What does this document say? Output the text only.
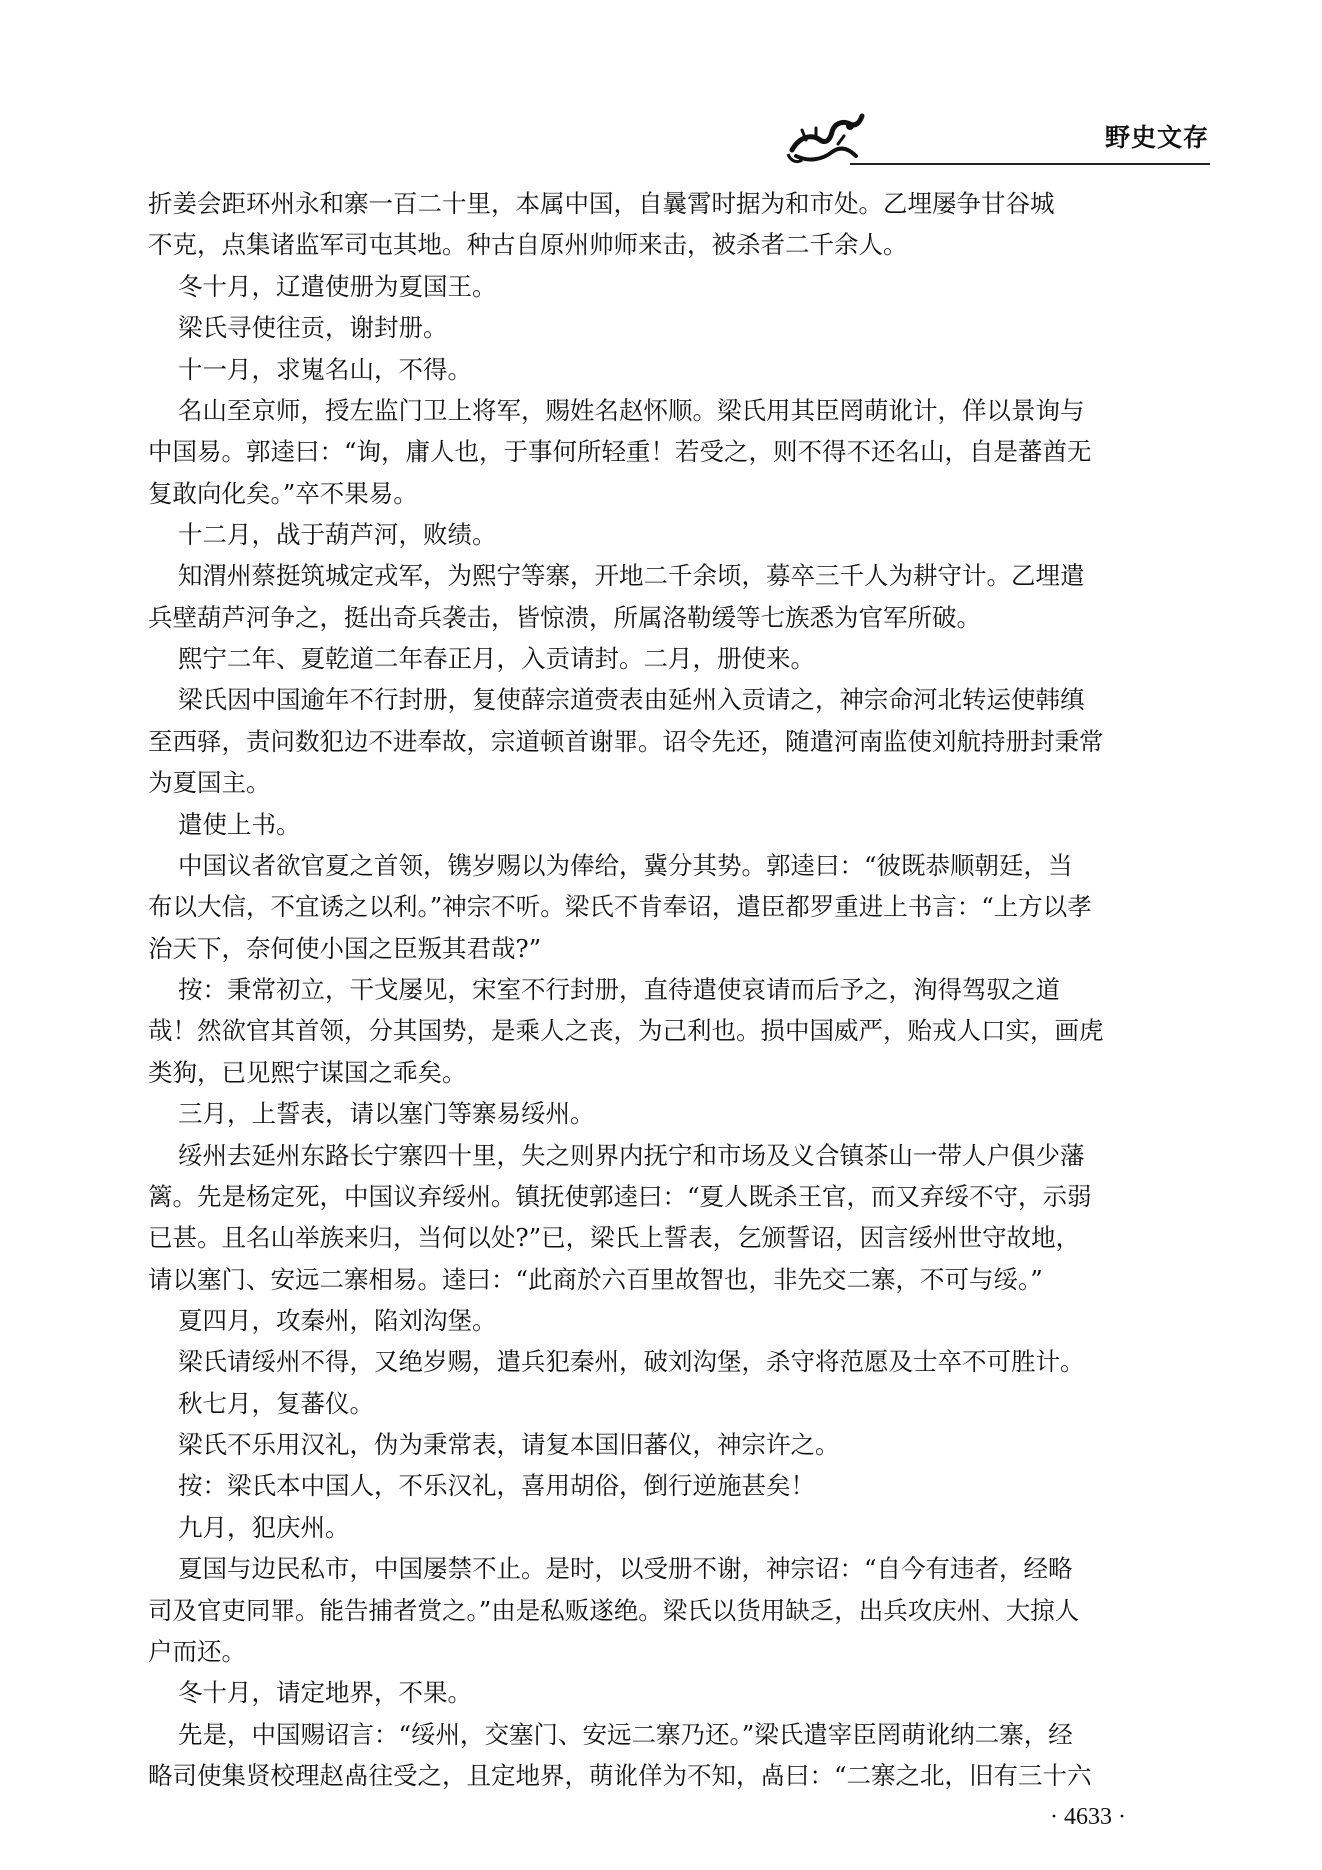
野史文存
折姜会距环州永和寨一百二十里，本属中国，自曩霄时据为和市处。乙埋屡争甘谷城
不克，点集诸监军司屯其地。种古自原州帅师来击，被杀者二千余人。
冬十月，辽遣使册为夏国王。
梁氏寻使往贡，谢封册。
十一月，求嵬名山，不得。
名山至京师，授左监门卫上将军，赐姓名赵怀顺。梁氏用其臣罔萌讹计，佯以景询与
中国易。郭逵曰：“询，庸人也，于事何所轻重！若受之，则不得不还名山，自是蕃酋无
复敢向化矣。”卒不果易。
十二月，战于葫芦河，败绩。
知渭州蔡挺筑城定戎军，为熙宁等寨，开地二千余顷，募卒三千人为耕守计。乙埋遣
兵壁葫芦河争之，挺出奇兵袭击，皆惊溃，所属洛勒缓等七族悉为官军所破。
熙宁二年、夏乾道二年春正月，入贡请封。二月，册使来。
梁氏因中国逾年不行封册，复使薛宗道赍表由延州入贡请之，神宗命河北转运使韩缜
至西驿，责问数犯边不进奉故，宗道顿首谢罪。诏令先还，随遣河南监使刘航持册封秉常
为夏国主。
遣使上书。
中国议者欲官夏之首领，镌岁赐以为俸给，冀分其势。郭逵曰：“彼既恭顺朝廷，当
布以大信，不宜诱之以利。”神宗不听。梁氏不肯奉诏，遣臣都罗重进上书言：“上方以孝
治天下，奈何使小国之臣叛其君哉?”
按：秉常初立，干戈屡见，宋室不行封册，直待遣使哀请而后予之，洵得驾驭之道
哉！然欲官其首领，分其国势，是乘人之丧，为己利也。损中国威严，贻戎人口实，画虎
类狗，已见熙宁谋国之乖矣。
三月，上誓表，请以塞门等寨易绥州。
绥州去延州东路长宁寨四十里，失之则界内抚宁和市场及义合镇茶山一带人户俱少藩
篱。先是杨定死，中国议弃绥州。镇抚使郭逵曰：“夏人既杀王官，而又弃绥不守，示弱
已甚。且名山举族来归，当何以处?”已，梁氏上誓表，乞颁誓诏，因言绥州世守故地，
请以塞门、安远二寨相易。逵曰：“此商於六百里故智也，非先交二寨，不可与绥。”
夏四月，攻秦州，陷刘沟堡。
梁氏请绥州不得，又绝岁赐，遣兵犯秦州，破刘沟堡，杀守将范愿及士卒不可胜计。
秋七月，复蕃仪。
梁氏不乐用汉礼，伪为秉常表，请复本国旧蕃仪，神宗许之。
按：梁氏本中国人，不乐汉礼，喜用胡俗，倒行逆施甚矣！
九月，犯庆州。
夏国与边民私市，中国屡禁不止。是时，以受册不谢，神宗诏：“自今有违者，经略
司及官吏同罪。能告捕者赏之。”由是私贩遂绝。梁氏以货用缺乏，出兵攻庆州、大掠人
户而还。
冬十月，请定地界，不果。
先是，中国赐诏言：“绥州，交塞门、安远二寨乃还。”梁氏遣宰臣罔萌讹纳二寨，经
略司使集贤校理赵卨往受之，且定地界，萌讹佯为不知，卨曰：“二寨之北，旧有三十六
· 4633 ·
